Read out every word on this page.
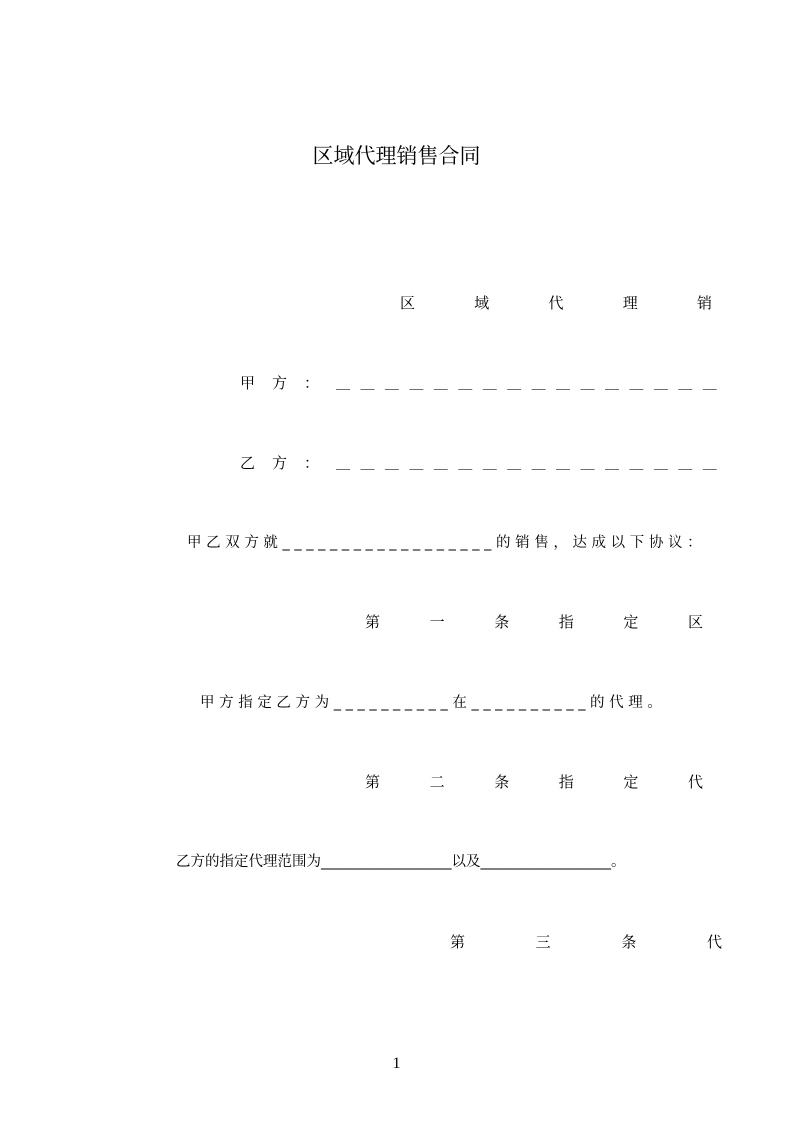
区域代理销售合同
区	域	代	理	销
甲 方 ： ＿ ＿ ＿ ＿ ＿ ＿ ＿ ＿ ＿ ＿ ＿ ＿ ＿ ＿ ＿ ＿
乙 方 ： ＿ ＿ ＿ ＿ ＿ ＿ ＿ ＿ ＿ ＿ ＿ ＿ ＿ ＿ ＿ ＿
甲 乙 双 方 就 _ _ _ _ _ _ _ _ _ _ _ _ _ _ _ _ _ _ 的 销 售 ， 达 成 以 下 协 议 ：
第	一	条	指	定	区
甲 方 指 定 乙 方 为 _ _ _ _ _ _ _ _ _ _ 在 _ _ _ _ _ _ _ _ _ _ 的 代 理 。
第	二	条	指	定	代
乙方的指定代理范围为__________________以及__________________。
第	三	条	代
1
